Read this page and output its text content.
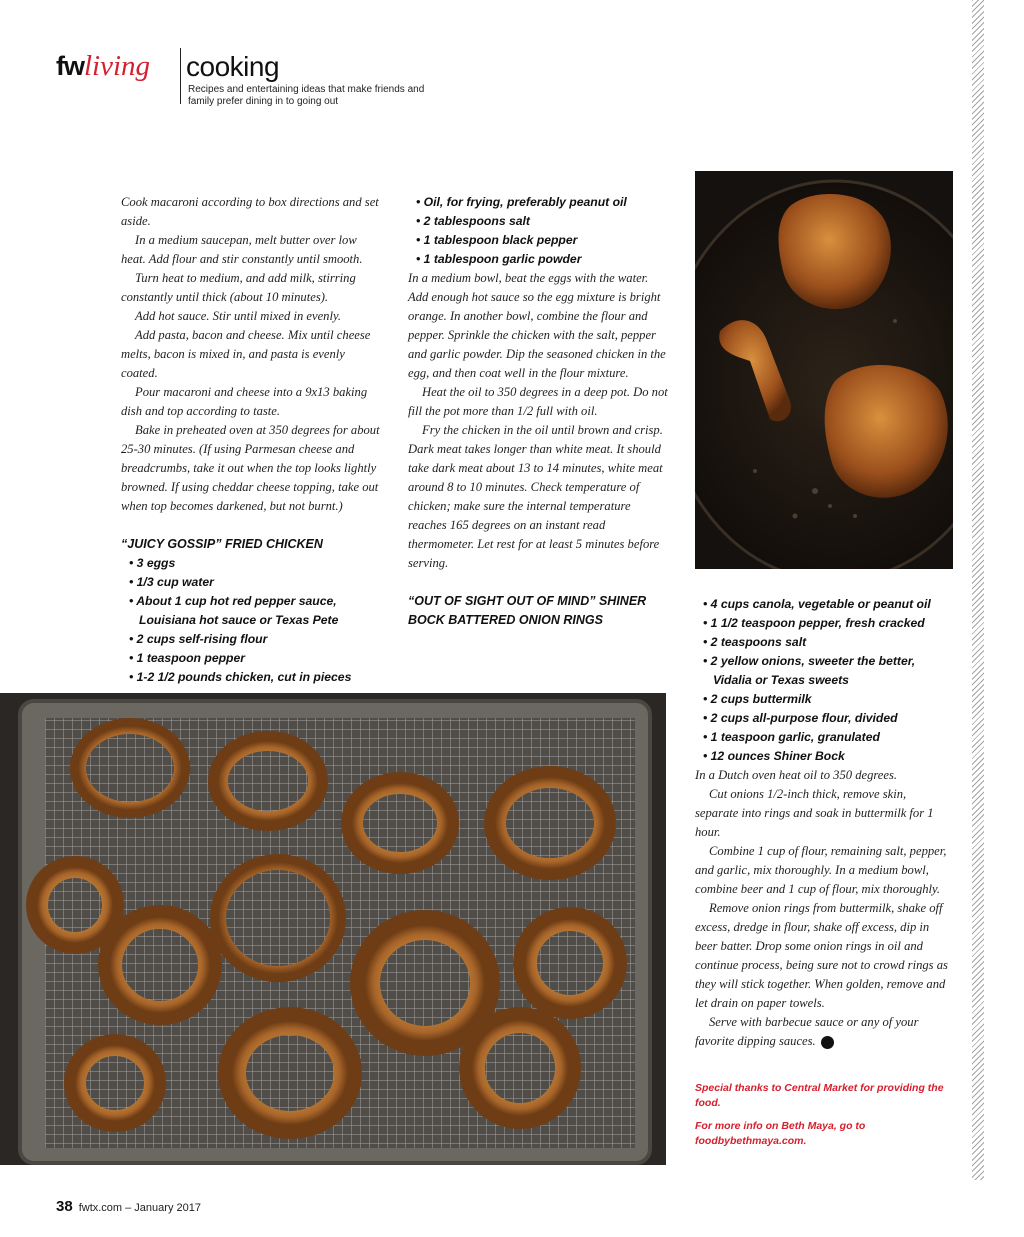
fwliving cooking
Recipes and entertaining ideas that make friends and family prefer dining in to going out

Cook macaroni according to box directions and set aside.

In a medium saucepan, melt butter over low heat. Add flour and stir constantly until smooth.

Turn heat to medium, and add milk, stirring constantly until thick (about 10 minutes).

Add hot sauce. Stir until mixed in evenly.

Add pasta, bacon and cheese. Mix until cheese melts, bacon is mixed in, and pasta is evenly coated.

Pour macaroni and cheese into a 9x13 baking dish and top according to taste.

Bake in preheated oven at 350 degrees for about 25-30 minutes. (If using Parmesan cheese and breadcrumbs, take it out when the top looks lightly browned. If using cheddar cheese topping, take out when top becomes darkened, but not burnt.)

“JUICY GOSSIP” FRIED CHICKEN

• 3 eggs
• 1/3 cup water
• About 1 cup hot red pepper sauce, Louisiana hot sauce or Texas Pete
• 2 cups self-rising flour
• 1 teaspoon pepper
• 1-2 1/2 pounds chicken, cut in pieces
• Oil, for frying, preferably peanut oil
• 2 tablespoons salt
• 1 tablespoon black pepper
• 1 tablespoon garlic powder

In a medium bowl, beat the eggs with the water. Add enough hot sauce so the egg mixture is bright orange. In another bowl, combine the flour and pepper. Sprinkle the chicken with the salt, pepper and garlic powder. Dip the seasoned chicken in the egg, and then coat well in the flour mixture.

Heat the oil to 350 degrees in a deep pot. Do not fill the pot more than 1/2 full with oil.

Fry the chicken in the oil until brown and crisp. Dark meat takes longer than white meat. It should take dark meat about 13 to 14 minutes, white meat around 8 to 10 minutes. Check temperature of chicken; make sure the internal temperature reaches 165 degrees on an instant read thermometer. Let rest for at least 5 minutes before serving.

“OUT OF SIGHT OUT OF MIND” SHINER BOCK BATTERED ONION RINGS

• 4 cups canola, vegetable or peanut oil
• 1 1/2 teaspoon pepper, fresh cracked
• 2 teaspoons salt
• 2 yellow onions, sweeter the better, Vidalia or Texas sweets
• 2 cups buttermilk
• 2 cups all-purpose flour, divided
• 1 teaspoon garlic, granulated
• 12 ounces Shiner Bock

In a Dutch oven heat oil to 350 degrees.

Cut onions 1/2-inch thick, remove skin, separate into rings and soak in buttermilk for 1 hour.

Combine 1 cup of flour, remaining salt, pepper, and garlic, mix thoroughly. In a medium bowl, combine beer and 1 cup of flour, mix thoroughly.

Remove onion rings from buttermilk, shake off excess, dredge in flour, shake off excess, dip in beer batter. Drop some onion rings in oil and continue process, being sure not to crowd rings as they will stick together. When golden, remove and let drain on paper towels.

Serve with barbecue sauce or any of your favorite dipping sauces.	fw

Special thanks to Central Market for providing the food.

For more info on Beth Maya, go to foodbybethmaya.com.

38 fwtx.com – January 2017
